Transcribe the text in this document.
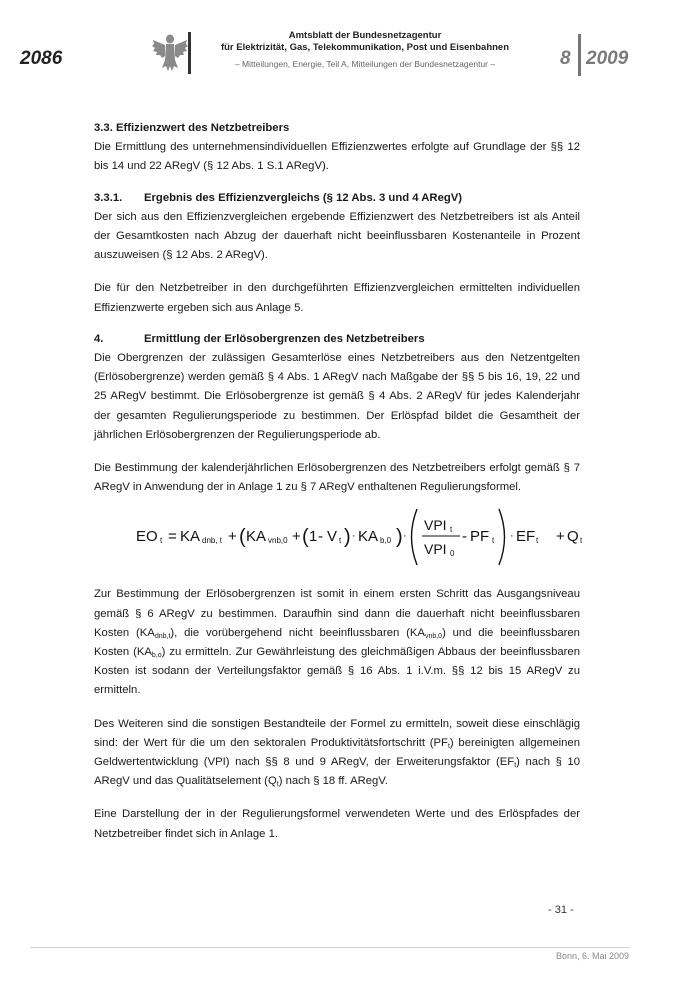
2086
Amtsblatt der Bundesnetzagentur
für Elektrizität, Gas, Telekommunikation, Post und Eisenbahnen
– Mitteilungen, Energie, Teil A, Mitteilungen der Bundesnetzagentur –	8 2009
3.3. Effizienzwert des Netzbetreibers

Die Ermittlung des unternehmensindividuellen Effizienzwertes erfolgte auf Grundlage der §§ 12 bis 14 und 22 ARegV (§ 12 Abs. 1 S.1 ARegV).

3.3.1. Ergebnis des Effizienzvergleichs (§ 12 Abs. 3 und 4 ARegV)

Der sich aus den Effizienzvergleichen ergebende Effizienzwert des Netzbetreibers ist als Anteil der Gesamtkosten nach Abzug der dauerhaft nicht beeinflussbaren Kostenanteile in Prozent auszuweisen (§ 12 Abs. 2 ARegV).

Die für den Netzbetreiber in den durchgeführten Effizienzvergleichen ermittelten individuellen Effizienzwerte ergeben sich aus Anlage 5.

4.	Ermittlung der Erlösobergrenzen des Netzbetreibers

Die Obergrenzen der zulässigen Gesamterlöse eines Netzbetreibers aus den Netzentgelten (Erlösobergrenze) werden gemäß § 4 Abs. 1 ARegV nach Maßgabe der §§ 5 bis 16, 19, 22 und 25 ARegV bestimmt. Die Erlösobergrenze ist gemäß § 4 Abs. 2 ARegV für jedes Kalenderjahr der gesamten Regulierungsperiode zu bestimmen. Der Erlöspfad bildet die Gesamtheit der jährlichen Erlösobergrenzen der Regulierungsperiode ab.

Die Bestimmung der kalenderjährlichen Erlösobergrenzen des Netzbetreibers erfolgt gemäß § 7 ARegV in Anwendung der in Anlage 1 zu § 7 ARegV enthaltenen Regulierungsformel.

EO t = KA dnb, t + ( KA vnb,0 + ( 1 - V t ) · KA b,0 ) ·
VPI t
VPI 0
- PF t · EF t + Q t

Zur Bestimmung der Erlösobergrenzen ist somit in einem ersten Schritt das Ausgangsniveau gemäß § 6 ARegV zu bestimmen. Daraufhin sind dann die dauerhaft nicht beeinflussbaren Kosten $(KA_{dnb,t})$, die vorübergehend nicht beeinflussbaren $(KA_{vnb,0})$ und die beeinflussbaren Kosten $(KA_{b,o})$ zu ermitteln. Zur Gewährleistung des gleichmäßigen Abbaus der beeinflussbaren Kosten ist sodann der Verteilungsfaktor gemäß § 16 Abs. 1 i.V.m. §§ 12 bis 15 ARegV zu ermitteln.

Des Weiteren sind die sonstigen Bestandteile der Formel zu ermitteln, soweit diese einschlägig sind: der Wert für die um den sektoralen Produktivitätsfortschritt $(PF_t)$ bereinigten allgemeinen Geldwertentwicklung (VPI) nach §§ 8 und 9 ARegV, der Erweiterungsfaktor $(EF_t)$ nach § 10 ARegV und das Qualitätselement $(Q_t)$ nach § 18 ff. ARegV.

Eine Darstellung der in der Regulierungsformel verwendeten Werte und des Erlöspfades der Netzbetreiber findet sich in Anlage 1.

- 31 -
Bonn, 6. Mai 2009
